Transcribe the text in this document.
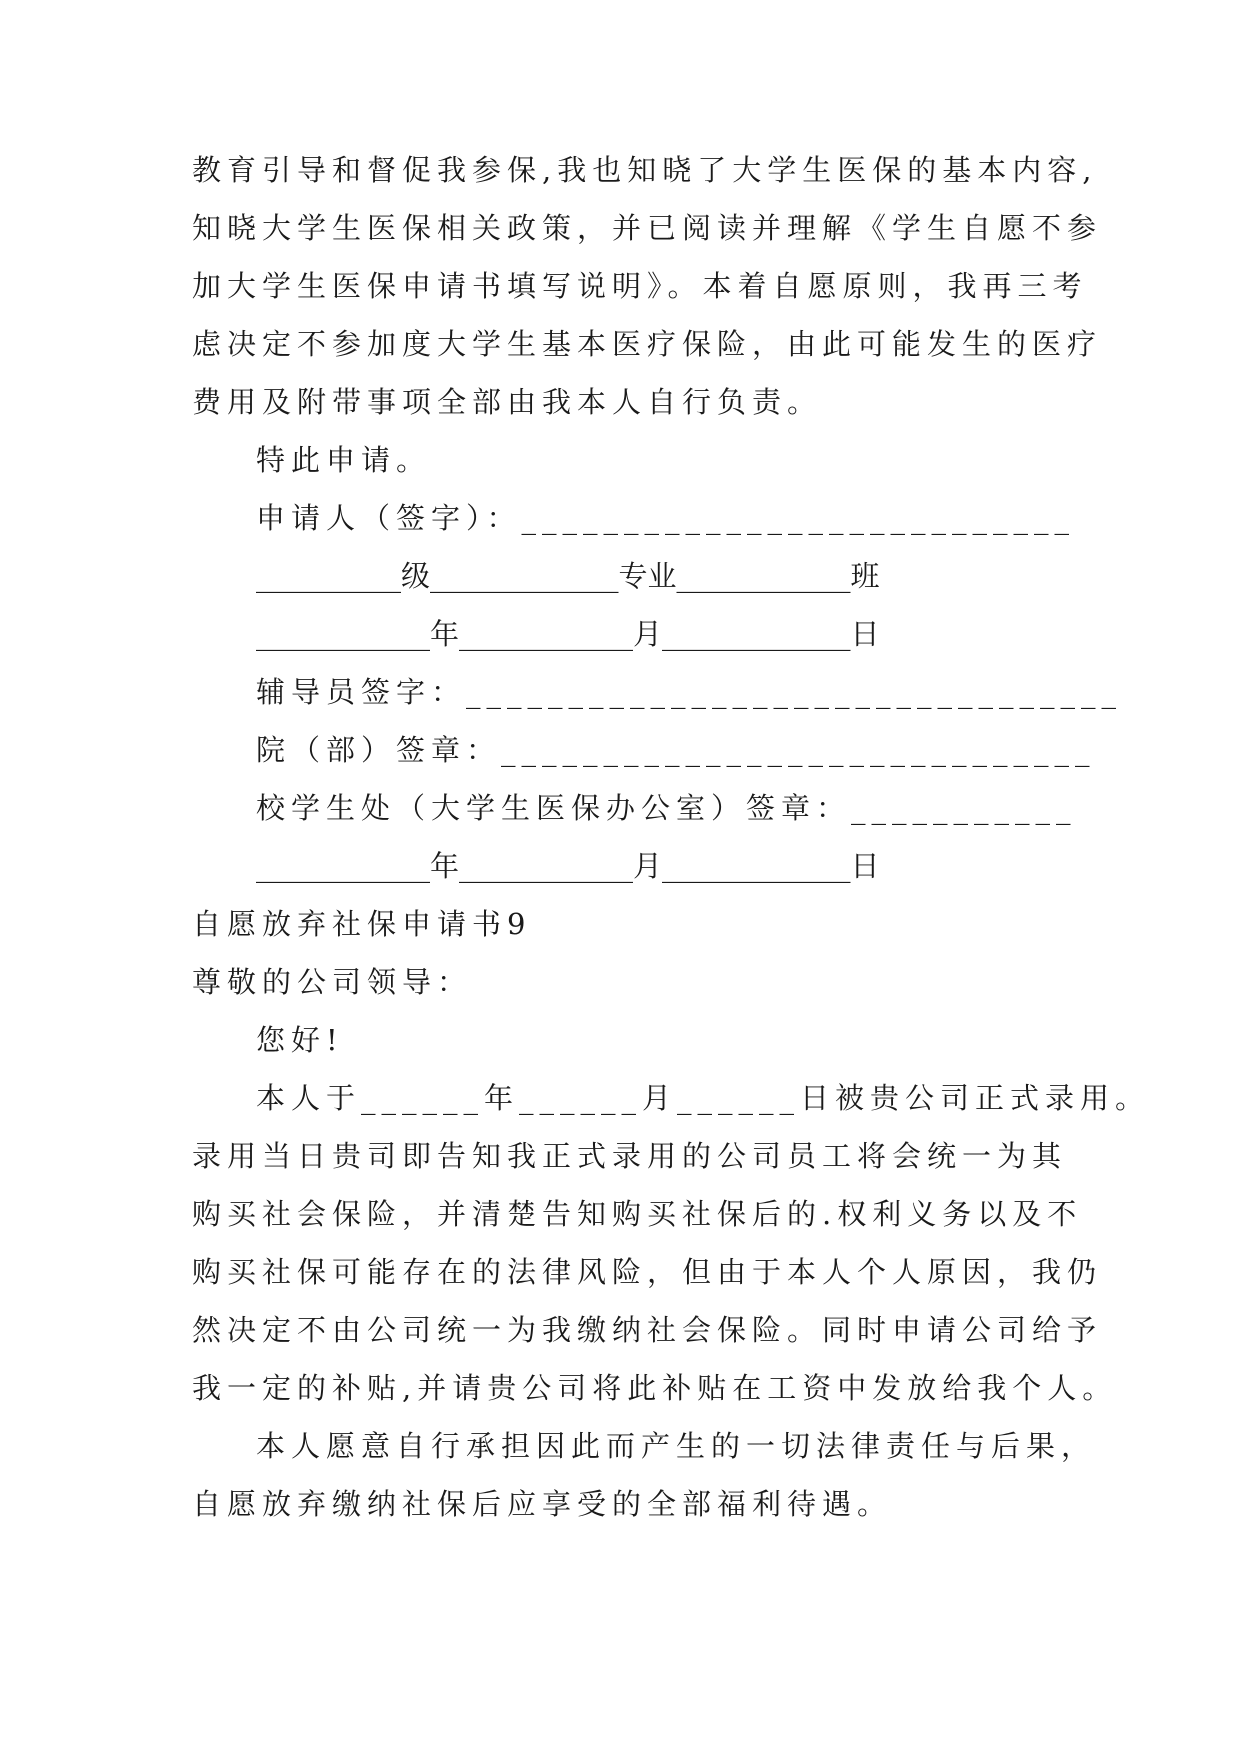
教育引导和督促我参保,我也知晓了大学生医保的基本内容,
知晓大学生医保相关政策，并已阅读并理解《学生自愿不参
加大学生医保申请书填写说明》。本着自愿原则，我再三考
虑决定不参加度大学生基本医疗保险，由此可能发生的医疗
费用及附带事项全部由我本人自行负责。
特此申请。
申请人（签字）：___________________________
__________级_____________专业____________班
____________年____________月_____________日
辅导员签字：________________________________
院（部）签章：_____________________________
校学生处（大学生医保办公室）签章：___________
____________年____________月_____________日
自愿放弃社保申请书9
尊敬的公司领导：
您好!
本人于______年______月______日被贵公司正式录用。
录用当日贵司即告知我正式录用的公司员工将会统一为其
购买社会保险，并清楚告知购买社保后的.权利义务以及不
购买社保可能存在的法律风险，但由于本人个人原因，我仍
然决定不由公司统一为我缴纳社会保险。同时申请公司给予
我一定的补贴,并请贵公司将此补贴在工资中发放给我个人。
本人愿意自行承担因此而产生的一切法律责任与后果，
自愿放弃缴纳社保后应享受的全部福利待遇。
